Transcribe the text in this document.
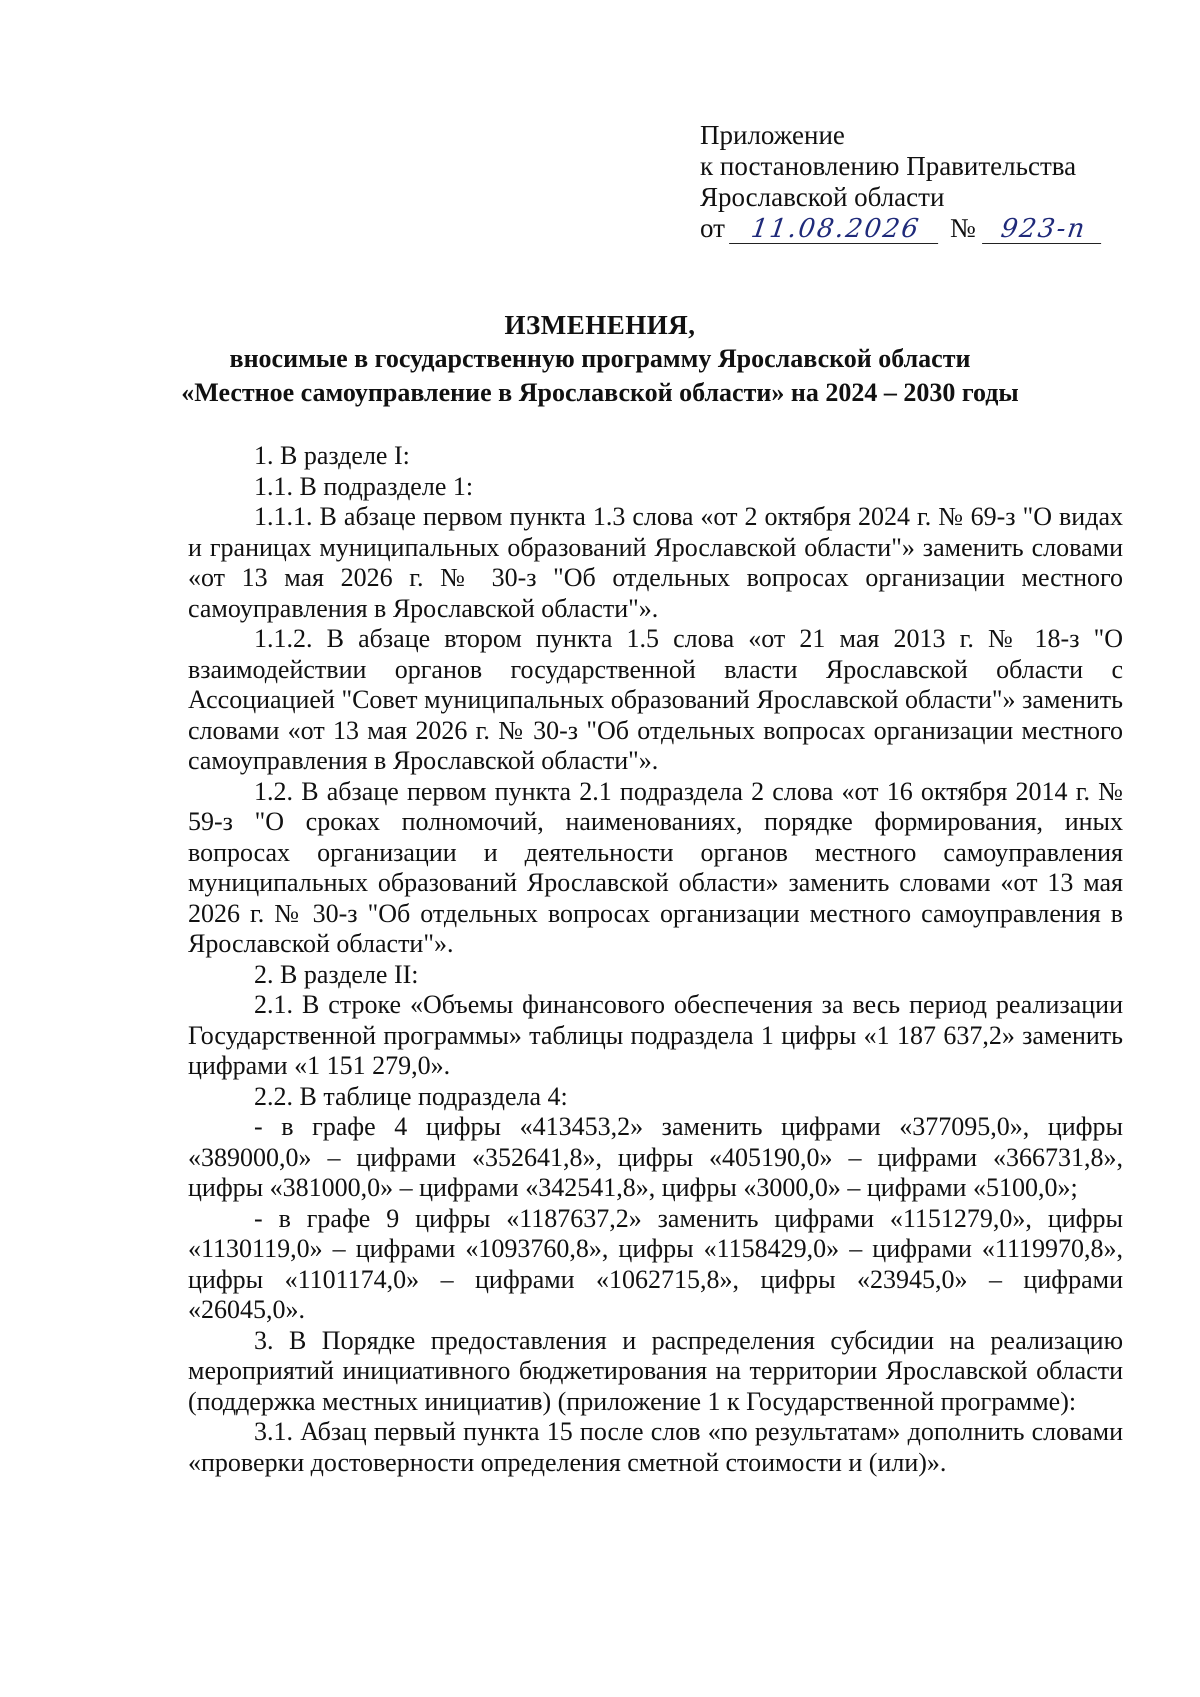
Приложение
к постановлению Правительства
Ярославской области
от 11.08.2026	№ 923-п
ИЗМЕНЕНИЯ,
вносимые в государственную программу Ярославской области
«Местное самоуправление в Ярославской области» на 2024 – 2030 годы

1. В разделе I:

1.1. В подразделе 1:

1.1.1. В абзаце первом пункта 1.3 слова «от 2 октября 2024 г. № 69-з "О видах и границах муниципальных образований Ярославской области"» заменить словами «от 13 мая 2026 г. № 30-з "Об отдельных вопросах организации местного самоуправления в Ярославской области"».

1.1.2. В абзаце втором пункта 1.5 слова «от 21 мая 2013 г. № 18-з "О взаимодействии органов государственной власти Ярославской области с Ассоциацией "Совет муниципальных образований Ярославской области"» заменить словами «от 13 мая 2026 г. № 30-з "Об отдельных вопросах организации местного самоуправления в Ярославской области"».

1.2. В абзаце первом пункта 2.1 подраздела 2 слова «от 16 октября 2014 г. № 59-з "О сроках полномочий, наименованиях, порядке формирования, иных вопросах организации и деятельности органов местного самоуправления муниципальных образований Ярославской области» заменить словами «от 13 мая 2026 г. № 30-з "Об отдельных вопросах организации местного самоуправления в Ярославской области"».

2. В разделе II:

2.1. В строке «Объемы финансового обеспечения за весь период реализации Государственной программы» таблицы подраздела 1 цифры «1 187 637,2» заменить цифрами «1 151 279,0».

2.2. В таблице подраздела 4:

- в графе 4 цифры «413453,2» заменить цифрами «377095,0», цифры «389000,0» – цифрами «352641,8», цифры «405190,0» – цифрами «366731,8», цифры «381000,0» – цифрами «342541,8», цифры «3000,0» – цифрами «5100,0»;

- в графе 9 цифры «1187637,2» заменить цифрами «1151279,0», цифры «1130119,0» – цифрами «1093760,8», цифры «1158429,0» – цифрами «1119970,8», цифры «1101174,0» – цифрами «1062715,8», цифры «23945,0» – цифрами «26045,0».

3. В Порядке предоставления и распределения субсидии на реализацию мероприятий инициативного бюджетирования на территории Ярославской области (поддержка местных инициатив) (приложение 1 к Государственной программе):

3.1. Абзац первый пункта 15 после слов «по результатам» дополнить словами «проверки достоверности определения сметной стоимости и (или)».
